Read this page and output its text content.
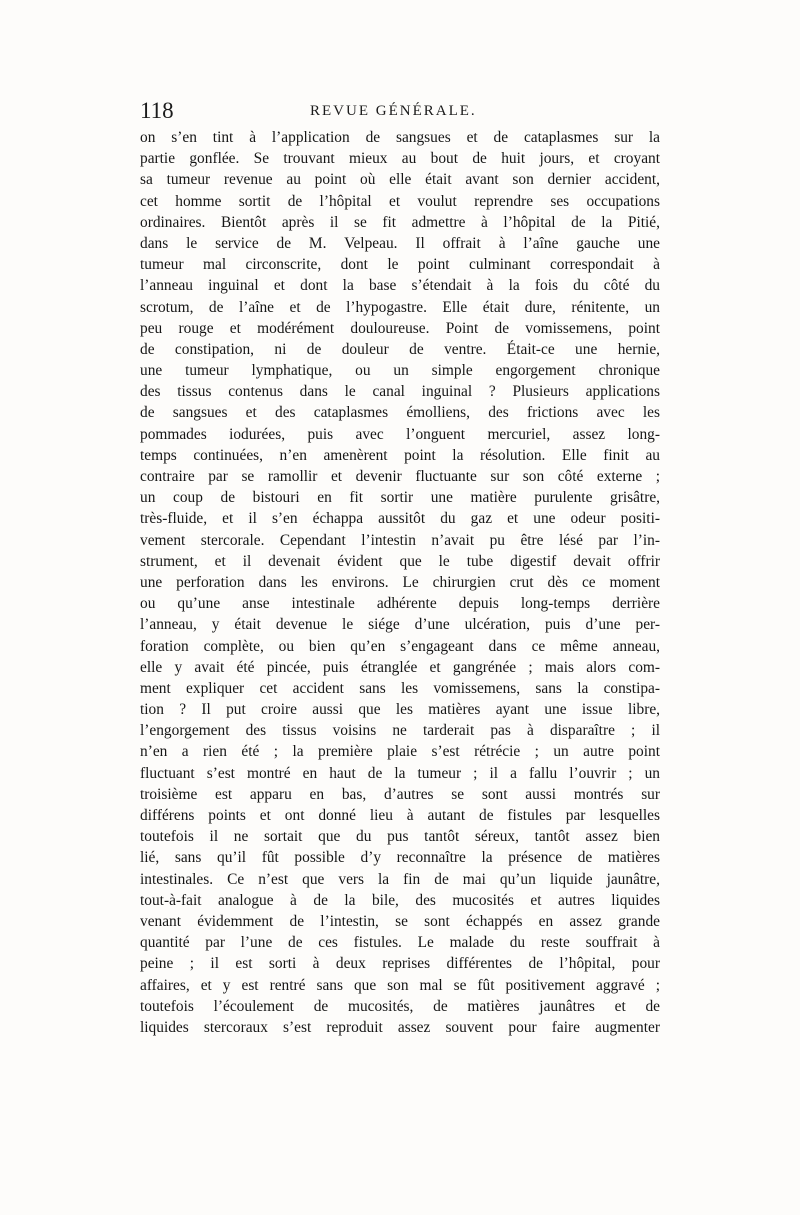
118	REVUE GÉNÉRALE.
on s’en tint à l’application de sangsues et de cataplasmes sur la
partie gonflée. Se trouvant mieux au bout de huit jours, et croyant
sa tumeur revenue au point où elle était avant son dernier accident,
cet homme sortit de l’hôpital et voulut reprendre ses occupations
ordinaires. Bientôt après il se fit admettre à l’hôpital de la Pitié,
dans le service de M. Velpeau. Il offrait à l’aîne gauche une
tumeur mal circonscrite, dont le point culminant correspondait à
l’anneau inguinal et dont la base s’étendait à la fois du côté du
scrotum, de l’aîne et de l’hypogastre. Elle était dure, rénitente, un
peu rouge et modérément douloureuse. Point de vomissemens, point
de constipation, ni de douleur de ventre. Était-ce une hernie,
une tumeur lymphatique, ou un simple engorgement chronique
des tissus contenus dans le canal inguinal ? Plusieurs applications
de sangsues et des cataplasmes émolliens, des frictions avec les
pommades iodurées, puis avec l’onguent mercuriel, assez long-
temps continuées, n’en amenèrent point la résolution. Elle finit au
contraire par se ramollir et devenir fluctuante sur son côté externe ;
un coup de bistouri en fit sortir une matière purulente grisâtre,
très-fluide, et il s’en échappa aussitôt du gaz et une odeur positi-
vement stercorale. Cependant l’intestin n’avait pu être lésé par l’in-
strument, et il devenait évident que le tube digestif devait offrir
une perforation dans les environs. Le chirurgien crut dès ce moment
ou qu’une anse intestinale adhérente depuis long-temps derrière
l’anneau, y était devenue le siége d’une ulcération, puis d’une per-
foration complète, ou bien qu’en s’engageant dans ce même anneau,
elle y avait été pincée, puis étranglée et gangrénée ; mais alors com-
ment expliquer cet accident sans les vomissemens, sans la constipa-
tion ? Il put croire aussi que les matières ayant une issue libre,
l’engorgement des tissus voisins ne tarderait pas à disparaître ; il
n’en a rien été ; la première plaie s’est rétrécie ; un autre point
fluctuant s’est montré en haut de la tumeur ; il a fallu l’ouvrir ; un
troisième est apparu en bas, d’autres se sont aussi montrés sur
différens points et ont donné lieu à autant de fistules par lesquelles
toutefois il ne sortait que du pus tantôt séreux, tantôt assez bien
lié, sans qu’il fût possible d’y reconnaître la présence de matières
intestinales. Ce n’est que vers la fin de mai qu’un liquide jaunâtre,
tout-à-fait analogue à de la bile, des mucosités et autres liquides
venant évidemment de l’intestin, se sont échappés en assez grande
quantité par l’une de ces fistules. Le malade du reste souffrait à
peine ; il est sorti à deux reprises différentes de l’hôpital, pour
affaires, et y est rentré sans que son mal se fût positivement aggravé ;
toutefois l’écoulement de mucosités, de matières jaunâtres et de
liquides stercoraux s’est reproduit assez souvent pour faire augmenter
